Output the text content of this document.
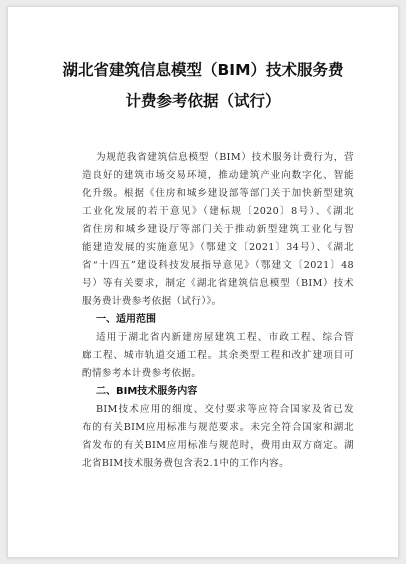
湖北省建筑信息模型（BIM）技术服务费
计费参考依据（试行）
为规范我省建筑信息模型（BIM）技术服务计费行为，营
造良好的建筑市场交易环境，推动建筑产业向数字化、智能
化升级。根据《住房和城乡建设部等部门关于加快新型建筑
工业化发展的若干意见》（建标规〔2020〕8号）、《湖北
省住房和城乡建设厅等部门关于推动新型建筑工业化与智
能建造发展的实施意见》（鄂建文〔2021〕34号）、《湖北
省“十四五”建设科技发展指导意见》（鄂建文〔2021〕48
号）等有关要求，制定《湖北省建筑信息模型（BIM）技术
服务费计费参考依据（试行）》。
一、适用范围
适用于湖北省内新建房屋建筑工程、市政工程、综合管
廊工程、城市轨道交通工程。其余类型工程和改扩建项目可
酌情参考本计费参考依据。
二、BIM技术服务内容
BIM技术应用的细度、交付要求等应符合国家及省已发
布的有关BIM应用标准与规范要求。未完全符合国家和湖北
省发布的有关BIM应用标准与规范时，费用由双方商定。湖
北省BIM技术服务费包含表2.1中的工作内容。
